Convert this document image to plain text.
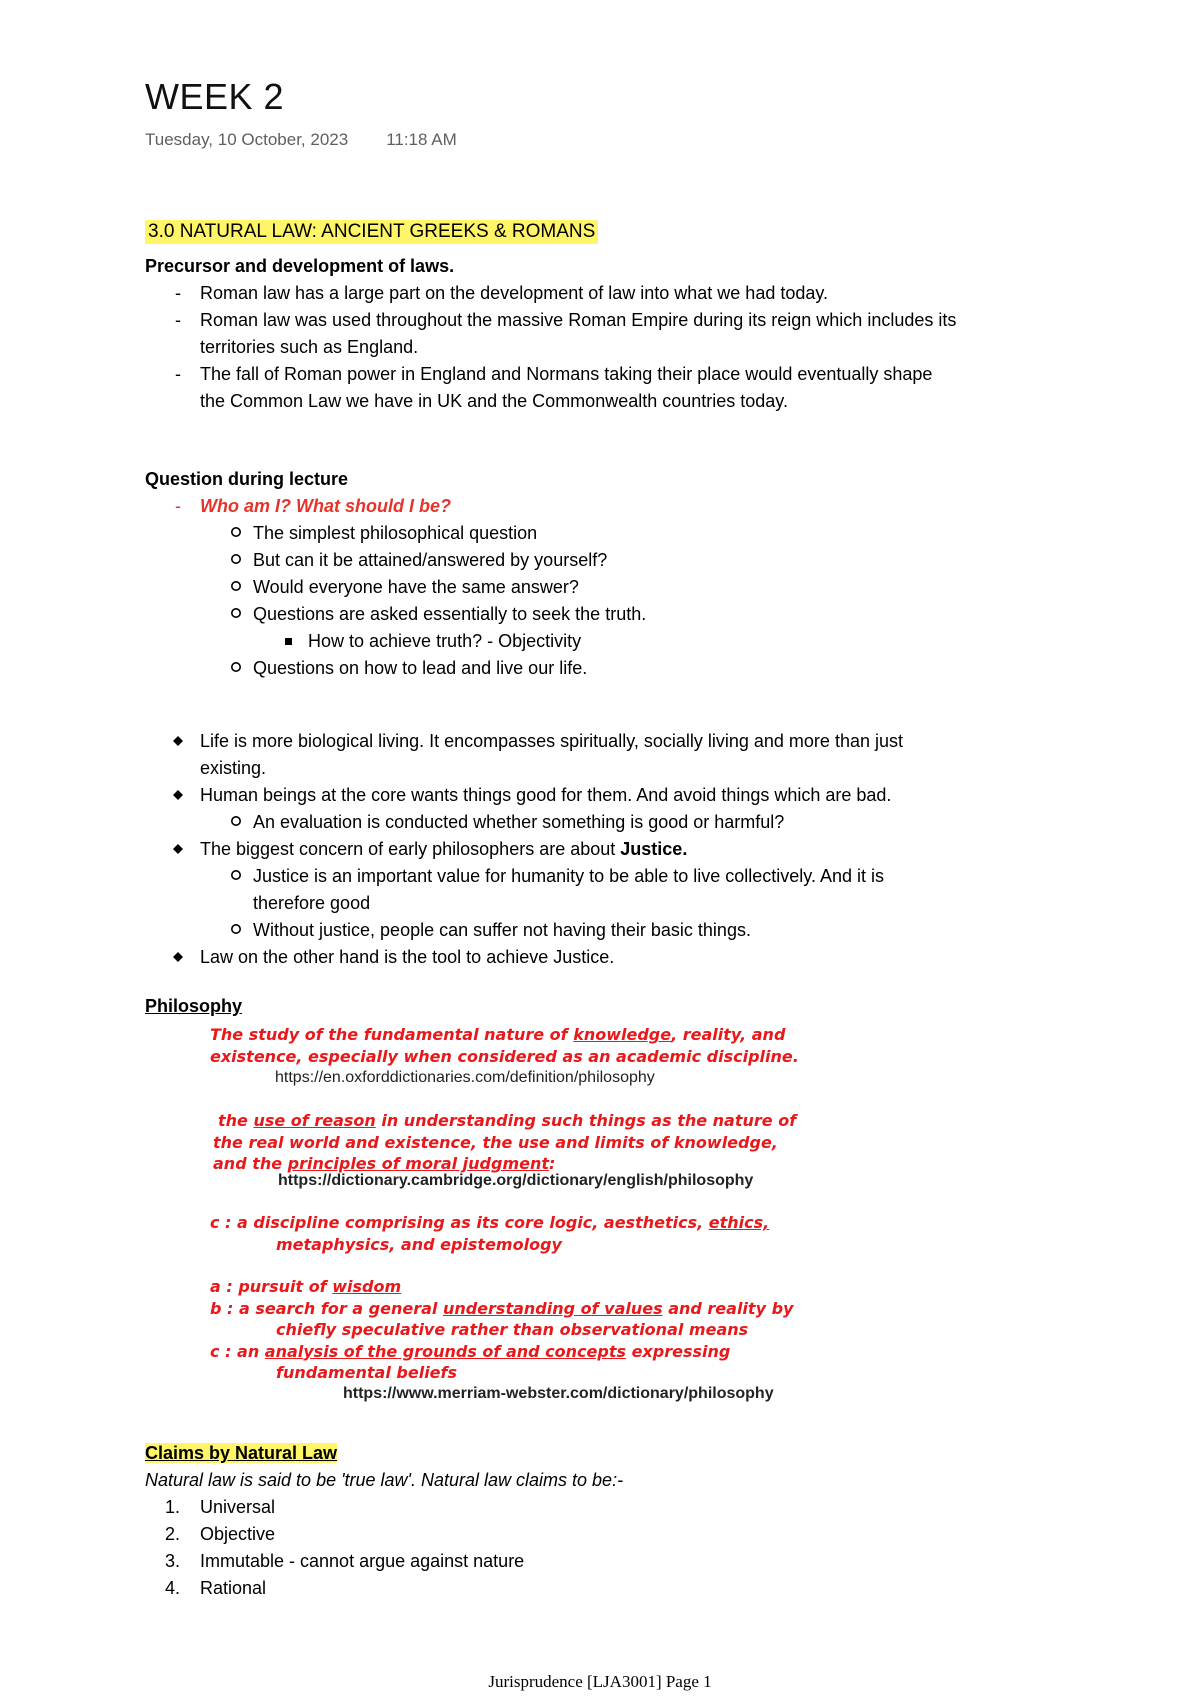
WEEK 2
Tuesday, 10 October, 2023 11:18 AM
3.0 NATURAL LAW: ANCIENT GREEKS & ROMANS
Precursor and development of laws.
- Roman law has a large part on the development of law into what we had today.
- Roman law was used throughout the massive Roman Empire during its reign which includes its
territories such as England.
- The fall of Roman power in England and Normans taking their place would eventually shape
the Common Law we have in UK and the Commonwealth countries today.
Question during lecture
- Who am I? What should I be?
The simplest philosophical question
But can it be attained/answered by yourself?
Would everyone have the same answer?
Questions are asked essentially to seek the truth.
How to achieve truth? - Objectivity
Questions on how to lead and live our life.
Life is more biological living. It encompasses spiritually, socially living and more than just
existing.
Human beings at the core wants things good for them. And avoid things which are bad.
An evaluation is conducted whether something is good or harmful?
The biggest concern of early philosophers are about Justice.
Justice is an important value for humanity to be able to live collectively. And it is
therefore good
Without justice, people can suffer not having their basic things.
Law on the other hand is the tool to achieve Justice.
Philosophy
The study of the fundamental nature of knowledge, reality, and
existence, especially when considered as an academic discipline.
https://en.oxforddictionaries.com/definition/philosophy
the use of reason in understanding such things as the nature of
the real world and existence, the use and limits of knowledge,
and the principles of moral judgment:
https://dictionary.cambridge.org/dictionary/english/philosophy
c : a discipline comprising as its core logic, aesthetics, ethics,
metaphysics, and epistemology
a : pursuit of wisdom
b : a search for a general understanding of values and reality by
chiefly speculative rather than observational means
c : an analysis of the grounds of and concepts expressing
fundamental beliefs
https://www.merriam-webster.com/dictionary/philosophy
Claims by Natural Law
Natural law is said to be 'true law'. Natural law claims to be:-
1. Universal
2. Objective
3. Immutable - cannot argue against nature
4. Rational
Jurisprudence [LJA3001] Page 1
